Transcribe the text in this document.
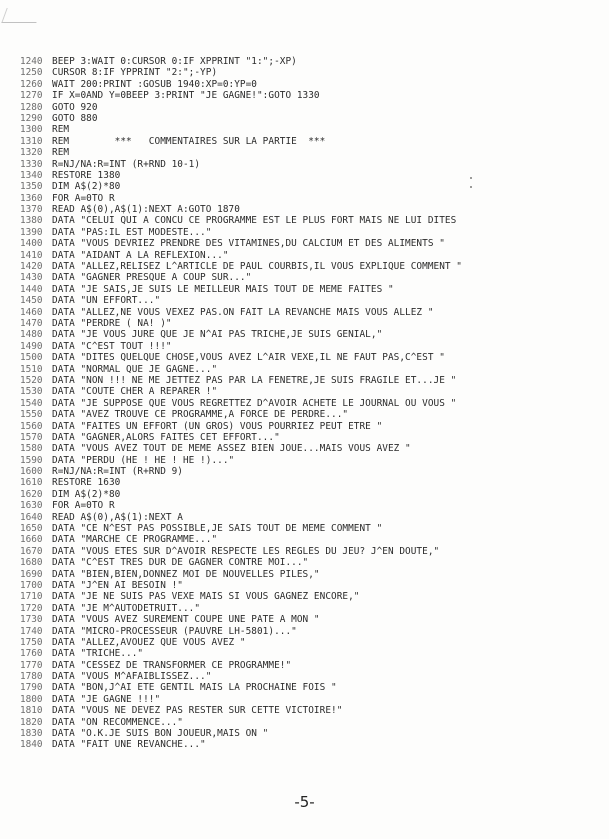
1240	BEEP 3:WAIT 0:CURSOR 0:IF XPPRINT "1:";-XP)
1250	CURSOR 8:IF YPPRINT "2:";-YP)
1260	WAIT 200:PRINT :GOSUB 1940:XP=0:YP=0
1270	IF X=0AND Y=0BEEP 3:PRINT "JE GAGNE!":GOTO 1330
1280	GOTO 920
1290	GOTO 880
1300	REM
1310	REM        ***   COMMENTAIRES SUR LA PARTIE  ***
1320	REM
1330	R=NJ/NA:R=INT (R+RND 10-1)
1340	RESTORE 1380
1350	DIM A$(2)*80
1360	FOR A=0TO R
1370	READ A$(0),A$(1):NEXT A:GOTO 1870
1380	DATA "CELUI QUI A CONCU CE PROGRAMME EST LE PLUS FORT MAIS NE LUI DITES
1390	DATA "PAS:IL EST MODESTE..."
1400	DATA "VOUS DEVRIEZ PRENDRE DES VITAMINES,DU CALCIUM ET DES ALIMENTS "
1410	DATA "AIDANT A LA REFLEXION..."
1420	DATA "ALLEZ,RELISEZ L^ARTICLE DE PAUL COURBIS,IL VOUS EXPLIQUE COMMENT "
1430	DATA "GAGNER PRESQUE A COUP SUR..."
1440	DATA "JE SAIS,JE SUIS LE MEILLEUR MAIS TOUT DE MEME FAITES "
1450	DATA "UN EFFORT..."
1460	DATA "ALLEZ,NE VOUS VEXEZ PAS.ON FAIT LA REVANCHE MAIS VOUS ALLEZ "
1470	DATA "PERDRE ( NA! )"
1480	DATA "JE VOUS JURE QUE JE N^AI PAS TRICHE,JE SUIS GENIAL,"
1490	DATA "C^EST TOUT !!!"
1500	DATA "DITES QUELQUE CHOSE,VOUS AVEZ L^AIR VEXE,IL NE FAUT PAS,C^EST "
1510	DATA "NORMAL QUE JE GAGNE..."
1520	DATA "NON !!! NE ME JETTEZ PAS PAR LA FENETRE,JE SUIS FRAGILE ET...JE "
1530	DATA "COUTE CHER A REPARER !"
1540	DATA "JE SUPPOSE QUE VOUS REGRETTEZ D^AVOIR ACHETE LE JOURNAL OU VOUS "
1550	DATA "AVEZ TROUVE CE PROGRAMME,A FORCE DE PERDRE..."
1560	DATA "FAITES UN EFFORT (UN GROS) VOUS POURRIEZ PEUT ETRE "
1570	DATA "GAGNER,ALORS FAITES CET EFFORT..."
1580	DATA "VOUS AVEZ TOUT DE MEME ASSEZ BIEN JOUE...MAIS VOUS AVEZ "
1590	DATA "PERDU (HE ! HE ! HE !)..."
1600	R=NJ/NA:R=INT (R+RND 9)
1610	RESTORE 1630
1620	DIM A$(2)*80
1630	FOR A=0TO R
1640	READ A$(0),A$(1):NEXT A
1650	DATA "CE N^EST PAS POSSIBLE,JE SAIS TOUT DE MEME COMMENT "
1660	DATA "MARCHE CE PROGRAMME..."
1670	DATA "VOUS ETES SUR D^AVOIR RESPECTE LES REGLES DU JEU? J^EN DOUTE,"
1680	DATA "C^EST TRES DUR DE GAGNER CONTRE MOI..."
1690	DATA "BIEN,BIEN,DONNEZ MOI DE NOUVELLES PILES,"
1700	DATA "J^EN AI BESOIN !"
1710	DATA "JE NE SUIS PAS VEXE MAIS SI VOUS GAGNEZ ENCORE,"
1720	DATA "JE M^AUTODETRUIT..."
1730	DATA "VOUS AVEZ SUREMENT COUPE UNE PATE A MON "
1740	DATA "MICRO-PROCESSEUR (PAUVRE LH-5801)..."
1750	DATA "ALLEZ,AVOUEZ QUE VOUS AVEZ "
1760	DATA "TRICHE..."
1770	DATA "CESSEZ DE TRANSFORMER CE PROGRAMME!"
1780	DATA "VOUS M^AFAIBLISSEZ..."
1790	DATA "BON,J^AI ETE GENTIL MAIS LA PROCHAINE FOIS "
1800	DATA "JE GAGNE !!!"
1810	DATA "VOUS NE DEVEZ PAS RESTER SUR CETTE VICTOIRE!"
1820	DATA "ON RECOMMENCE..."
1830	DATA "O.K.JE SUIS BON JOUEUR,MAIS ON "
1840	DATA "FAIT UNE REVANCHE..."
-5-
